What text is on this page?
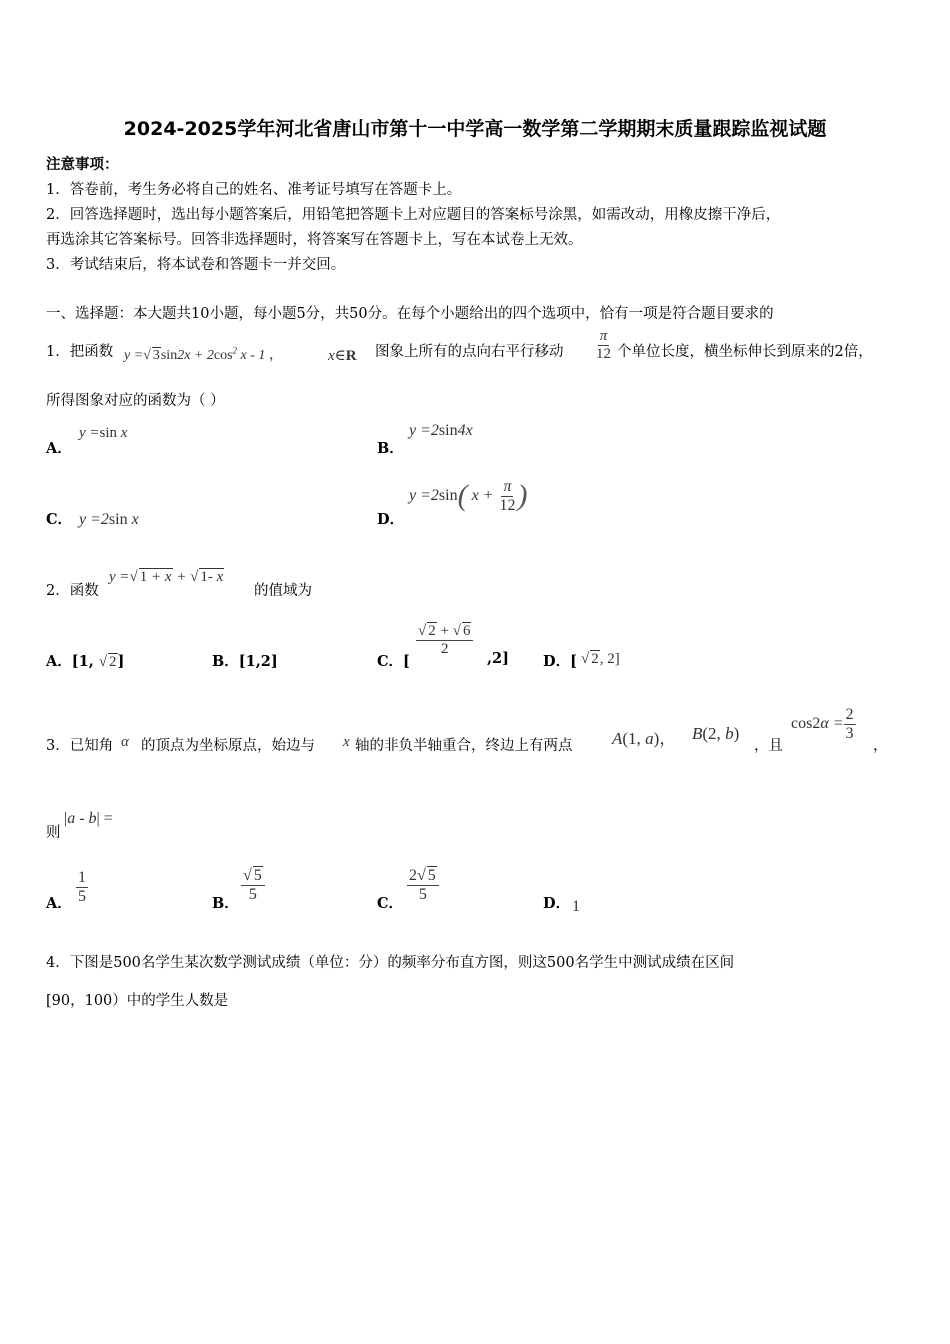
2024-2025学年河北省唐山市第十一中学高一数学第二学期期末质量跟踪监视试题
注意事项：
1．答卷前，考生务必将自己的姓名、准考证号填写在答题卡上。
2．回答选择题时，选出每小题答案后，用铅笔把答题卡上对应题目的答案标号涂黑，如需改动，用橡皮擦干净后，
再选涂其它答案标号。回答非选择题时，将答案写在答题卡上，写在本试卷上无效。
3．考试结束后，将本试卷和答题卡一并交回。
一、选择题：本大题共10小题，每小题5分，共50分。在每个小题给出的四个选项中，恰有一项是符合题目要求的
1．把函数 y =√ $3\sin 2x + 2\cos^2$ x - 1 ，	x∈R 图象上所有的点向右平行移动 $\frac{\pi}{12}$ 个单位长度，横坐标伸长到原来的2倍，
所得图象对应的函数为（ ）
A．
y =sin x
B．
y =2sin4x
C． y =2sin x	D．
y =2sin( $x + \frac{\pi}{12}$ )
2．函数
y =√ 1 + x + √ 1- x
的值域为
A．[1, √ 2]	B．[1,2]	C．[
$\frac{√ 2 + √ 6}{2}$
,2] D．[ √ 2, 2]
3．已知角 α 的顶点为坐标原点，始边与 x 轴的非负半轴重合，终边上有两点 A(1, a)， B(2, b)
，且
$\cos 2\alpha = \frac{2}{3}$
，
则
|a - b| =
A． $\frac{1}{5}$	B．
$\frac{√ 5}{5}$
C．
$\frac{2√ 5}{5}$
D． 1
4．下图是500名学生某次数学测试成绩（单位：分）的频率分布直方图，则这500名学生中测试成绩在区间
[90，100）中的学生人数是
